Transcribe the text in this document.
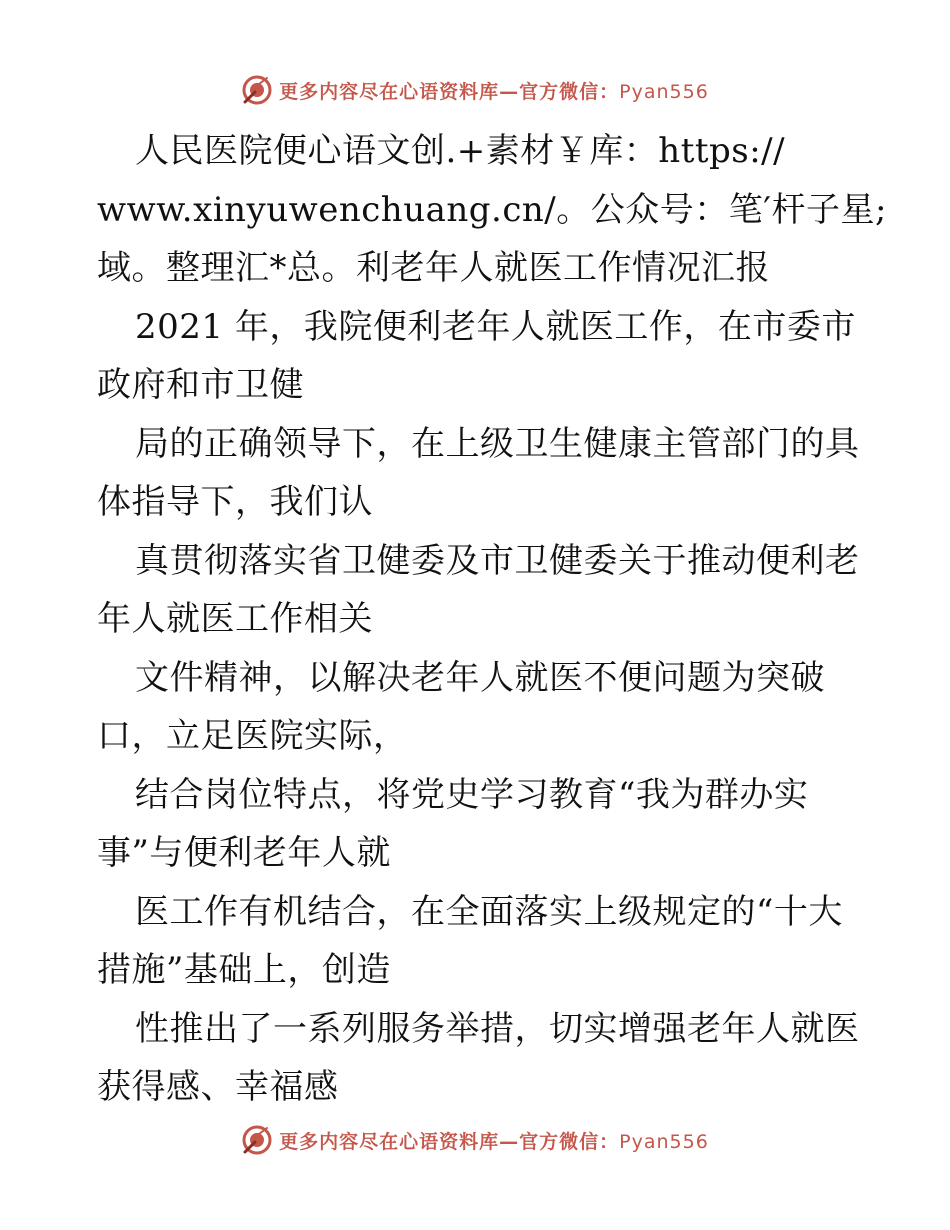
更多内容尽在心语资料库—官方微信：Pyan556
人民医院便心语文创.+素材￥库：https://
www.xinyuwenchuang.cn/。公众号：笔′杆子星;
域。整理汇*总。利老年人就医工作情况汇报
2021 年，我院便利老年人就医工作，在市委市
政府和市卫健
局的正确领导下，在上级卫生健康主管部门的具
体指导下，我们认
真贯彻落实省卫健委及市卫健委关于推动便利老
年人就医工作相关
文件精神，以解决老年人就医不便问题为突破
口，立足医院实际，
结合岗位特点，将党史学习教育“我为群办实
事”与便利老年人就
医工作有机结合，在全面落实上级规定的“十大
措施”基础上，创造
性推出了一系列服务举措，切实增强老年人就医
获得感、幸福感
更多内容尽在心语资料库—官方微信：Pyan556
